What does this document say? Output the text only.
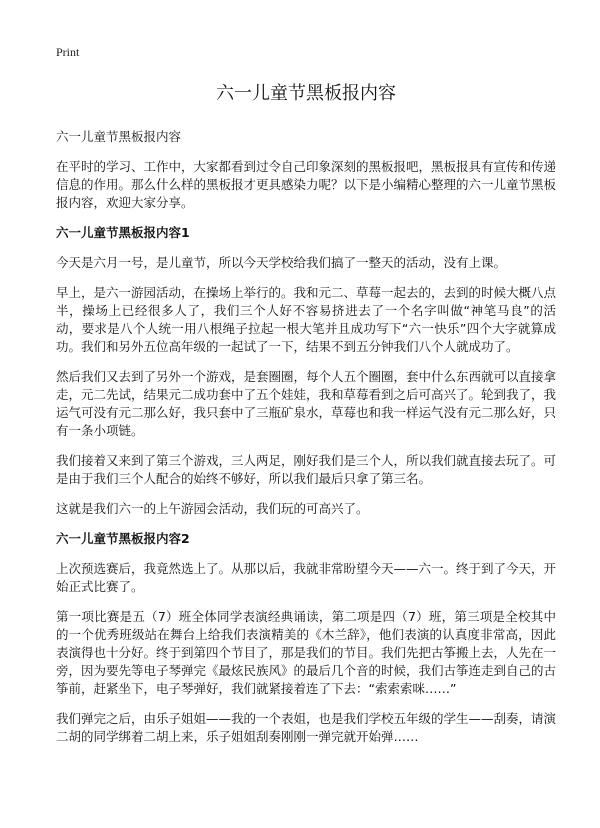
Print
六一儿童节黑板报内容
六一儿童节黑板报内容

在平时的学习、工作中，大家都看到过令自己印象深刻的黑板报吧，黑板报具有宣传和传递信息的作用。那么什么样的黑板报才更具感染力呢？以下是小编精心整理的六一儿童节黑板报内容，欢迎大家分享。

六一儿童节黑板报内容1

今天是六月一号，是儿童节，所以今天学校给我们搞了一整天的活动，没有上课。

早上，是六一游园活动，在操场上举行的。我和元二、草莓一起去的，去到的时候大概八点半，操场上已经很多人了，我们三个人好不容易挤进去了一个名字叫做“神笔马良”的活动，要求是八个人统一用八根绳子拉起一根大笔并且成功写下“六一快乐”四个大字就算成功。我们和另外五位高年级的一起试了一下，结果不到五分钟我们八个人就成功了。

然后我们又去到了另外一个游戏，是套圈圈，每个人五个圈圈，套中什么东西就可以直接拿走，元二先试，结果元二成功套中了五个娃娃，我和草莓看到之后可高兴了。轮到我了，我运气可没有元二那么好，我只套中了三瓶矿泉水，草莓也和我一样运气没有元二那么好，只有一条小项链。

我们接着又来到了第三个游戏，三人两足，刚好我们是三个人，所以我们就直接去玩了。可是由于我们三个人配合的始终不够好，所以我们最后只拿了第三名。

这就是我们六一的上午游园会活动，我们玩的可高兴了。

六一儿童节黑板报内容2

上次预选赛后，我竟然选上了。从那以后，我就非常盼望今天——六一。终于到了今天，开始正式比赛了。

第一项比赛是五（7）班全体同学表演经典诵读，第二项是四（7）班，第三项是全校其中的一个优秀班级站在舞台上给我们表演精美的《木兰辞》，他们表演的认真度非常高，因此表演得也十分好。终于到第四个节目了，那是我们的节目。我们先把古筝搬上去，人先在一旁，因为要先等电子琴弹完《最炫民族风》的最后几个音的时候，我们古筝连走到自己的古筝前，赶紧坐下，电子琴弹好，我们就紧接着连了下去：“索索索咪……”

我们弹完之后，由乐子姐姐——我的一个表姐，也是我们学校五年级的学生——刮奏，请演二胡的同学绑着二胡上来，乐子姐姐刮奏刚刚一弹完就开始弹……
